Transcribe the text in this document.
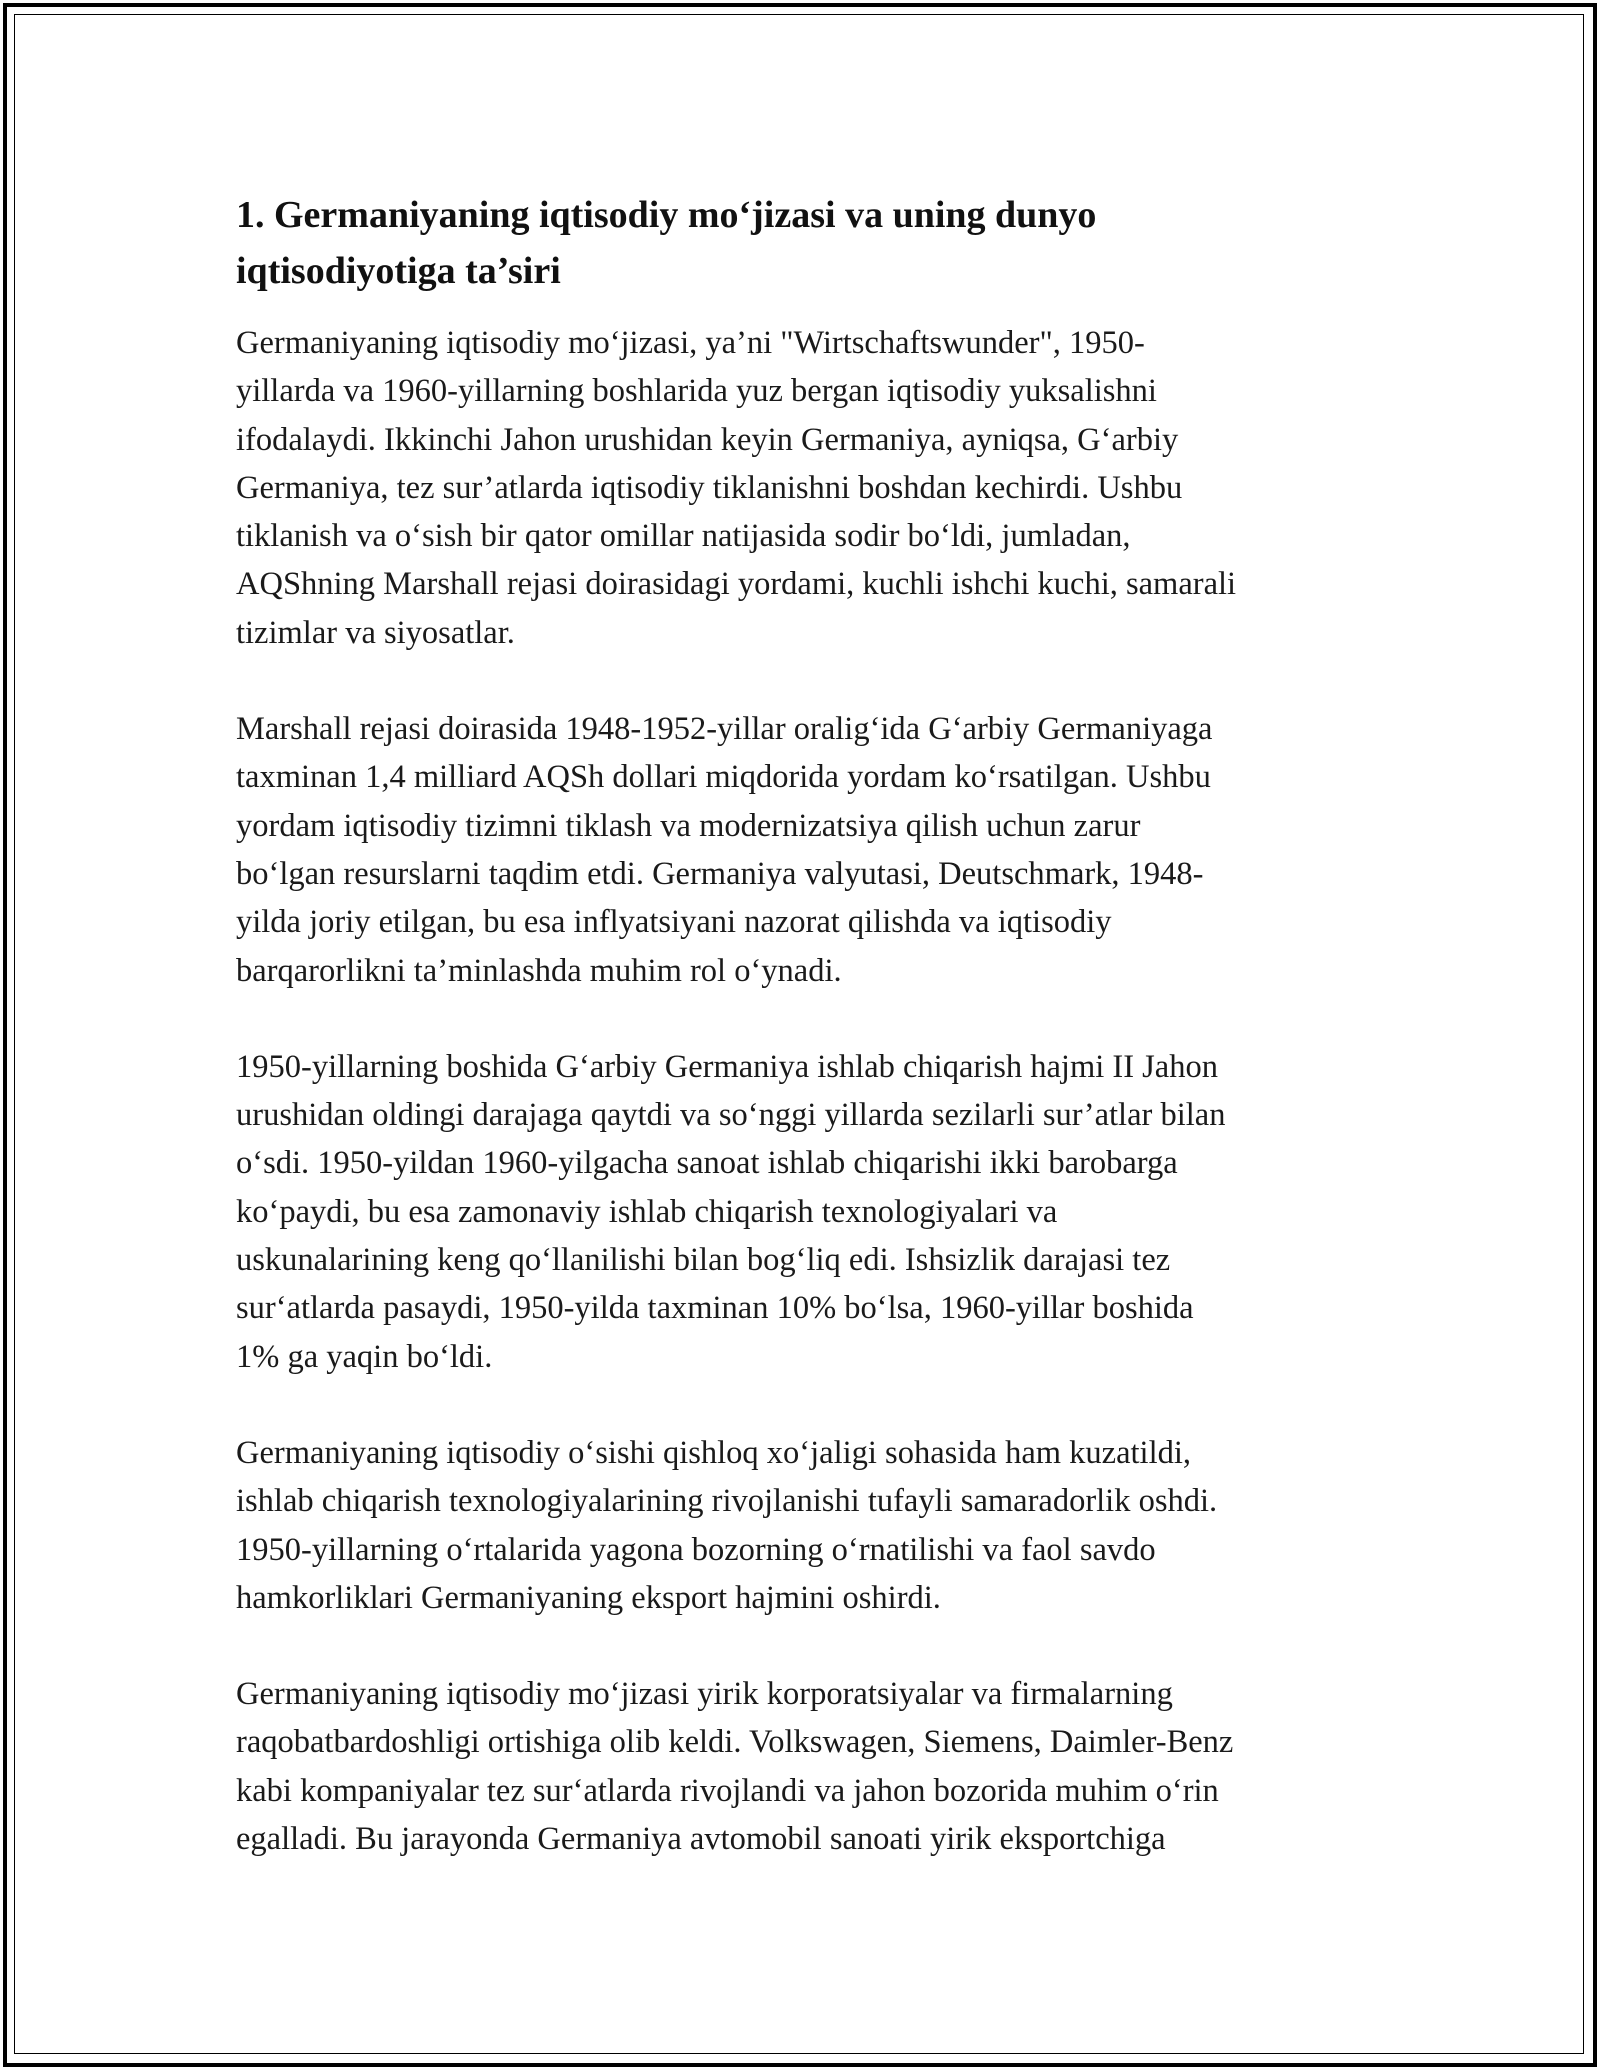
1. Germaniyaning iqtisodiy mo‘jizasi va uning dunyo
iqtisodiyotiga ta’siri

Germaniyaning iqtisodiy mo‘jizasi, ya’ni "Wirtschaftswunder", 1950-
yillarda va 1960-yillarning boshlarida yuz bergan iqtisodiy yuksalishni
ifodalaydi. Ikkinchi Jahon urushidan keyin Germaniya, ayniqsa, G‘arbiy
Germaniya, tez sur’atlarda iqtisodiy tiklanishni boshdan kechirdi. Ushbu
tiklanish va o‘sish bir qator omillar natijasida sodir bo‘ldi, jumladan,
AQShning Marshall rejasi doirasidagi yordami, kuchli ishchi kuchi, samarali
tizimlar va siyosatlar.

Marshall rejasi doirasida 1948-1952-yillar oralig‘ida G‘arbiy Germaniyaga
taxminan 1,4 milliard AQSh dollari miqdorida yordam ko‘rsatilgan. Ushbu
yordam iqtisodiy tizimni tiklash va modernizatsiya qilish uchun zarur
bo‘lgan resurslarni taqdim etdi. Germaniya valyutasi, Deutschmark, 1948-
yilda joriy etilgan, bu esa inflyatsiyani nazorat qilishda va iqtisodiy
barqarorlikni ta’minlashda muhim rol o‘ynadi.

1950-yillarning boshida G‘arbiy Germaniya ishlab chiqarish hajmi II Jahon
urushidan oldingi darajaga qaytdi va so‘nggi yillarda sezilarli sur’atlar bilan
o‘sdi. 1950-yildan 1960-yilgacha sanoat ishlab chiqarishi ikki barobarga
ko‘paydi, bu esa zamonaviy ishlab chiqarish texnologiyalari va
uskunalarining keng qo‘llanilishi bilan bog‘liq edi. Ishsizlik darajasi tez
sur‘atlarda pasaydi, 1950-yilda taxminan 10% bo‘lsa, 1960-yillar boshida
1% ga yaqin bo‘ldi.

Germaniyaning iqtisodiy o‘sishi qishloq xo‘jaligi sohasida ham kuzatildi,
ishlab chiqarish texnologiyalarining rivojlanishi tufayli samaradorlik oshdi.
1950-yillarning o‘rtalarida yagona bozorning o‘rnatilishi va faol savdo
hamkorliklari Germaniyaning eksport hajmini oshirdi.

Germaniyaning iqtisodiy mo‘jizasi yirik korporatsiyalar va firmalarning
raqobatbardoshligi ortishiga olib keldi. Volkswagen, Siemens, Daimler-Benz
kabi kompaniyalar tez sur‘atlarda rivojlandi va jahon bozorida muhim o‘rin
egalladi. Bu jarayonda Germaniya avtomobil sanoati yirik eksportchiga
